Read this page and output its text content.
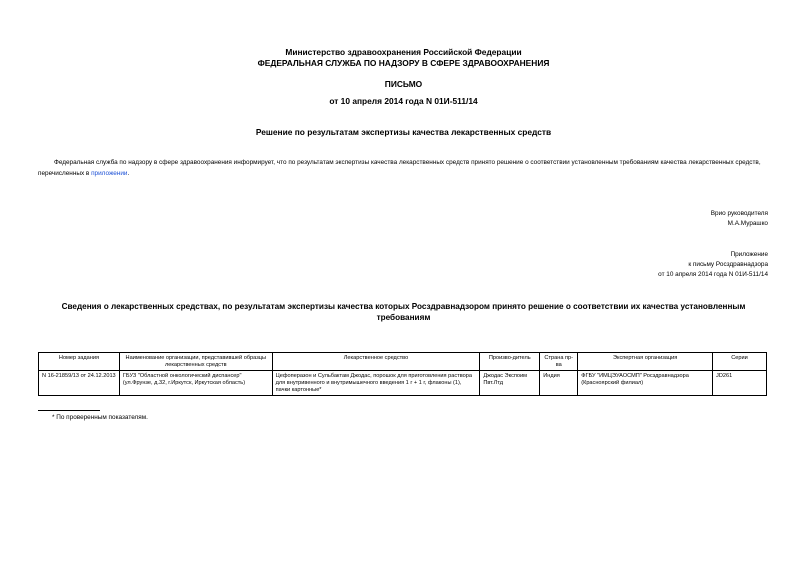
Министерство здравоохранения Российской Федерации
ФЕДЕРАЛЬНАЯ СЛУЖБА ПО НАДЗОРУ В СФЕРЕ ЗДРАВООХРАНЕНИЯ
ПИСЬМО
от 10 апреля 2014 года N 01И-511/14
Решение по результатам экспертизы качества лекарственных средств
Федеральная служба по надзору в сфере здравоохранения информирует, что по результатам экспертизы качества лекарственных средств принято решение о соответствии установленным требованиям качества лекарственных средств, перечисленных в приложении.
Врио руководителя
М.А.Мурашко
Приложение
к письму Росздравнадзора
от 10 апреля 2014 года N 01И-511/14
Сведения о лекарственных средствах, по результатам экспертизы качества которых Росздравнадзором принято решение о соответствии их качества установленным требованиям
Номер задания	Наименование организации, представившей образцы лекарственных средств	Лекарственное средство	Произво-дитель	Страна пр-ва	Экспертная организация	Серии
N 16-21859/13 от 24.12.2013	ГБУЗ "Областной онкологический диспансер" (ул.Фрунзе, д.32, г.Иркутск, Иркутская область)	Цефоперазон и Сульбактам Джодас, порошок для приготовления раствора для внутривенного и внутримышечного введения 1 г + 1 г, флаконы (1), пачки картонные*	Джодас Экспоим Пвт.Лтд	Индия	ФГБУ "ИМЦЭУАОСМП" Росздравнадзора (Красноярский филиал)	JD261
* По проверенным показателям.
